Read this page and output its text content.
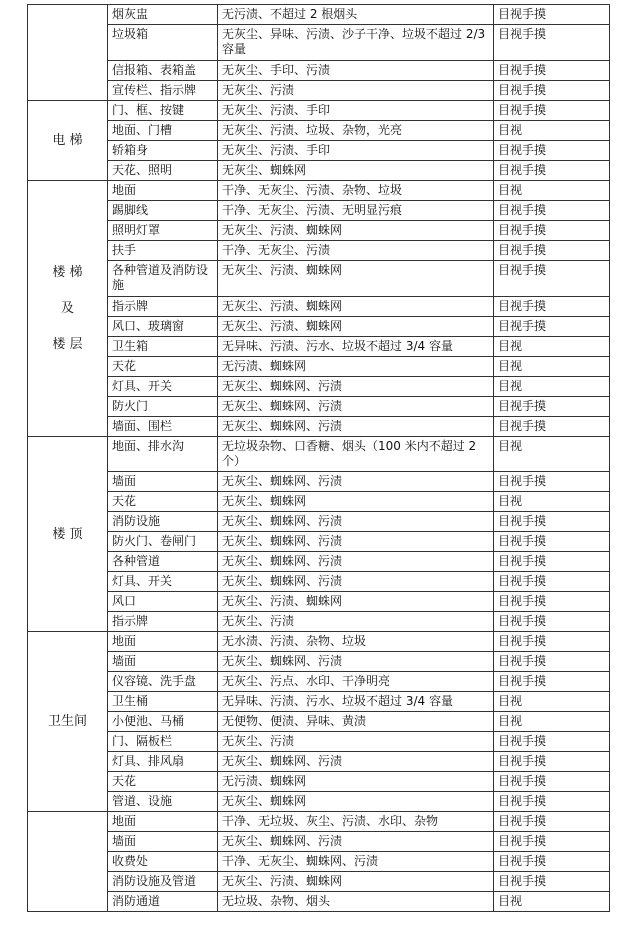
	烟灰盅	无污渍、不超过 2 根烟头	目视手摸
	垃圾箱	无灰尘、异味、污渍、沙子干净、垃圾不超过 2/3 容量	目视手摸
	信报箱、表箱盖	无灰尘、手印、污渍	目视手摸
	宣传栏、指示牌	无灰尘、污渍	目视手摸

电 梯	门、框、按键	无灰尘、污渍、手印	目视手摸
	地面、门槽	无灰尘、污渍、垃圾、杂物，光亮	目视
	轿箱身	无灰尘、污渍、手印	目视手摸
	天花、照明	无灰尘、蜘蛛网	目视手摸

楼 梯
及
楼 层	地面	干净、无灰尘、污渍、杂物、垃圾	目视
	踢脚线	干净、无灰尘、污渍、无明显污痕	目视手摸
	照明灯罩	无灰尘、污渍、蜘蛛网	目视手摸
	扶手	干净、无灰尘、污渍	目视手摸
	各种管道及消防设施	无灰尘、污渍、蜘蛛网	目视手摸
	指示牌	无灰尘、污渍、蜘蛛网	目视手摸
	风口、玻璃窗	无灰尘、污渍、蜘蛛网	目视手摸
	卫生箱	无异味、污渍、污水、垃圾不超过 3/4 容量	目视
	天花	无污渍、蜘蛛网	目视
	灯具、开关	无灰尘、蜘蛛网、污渍	目视
	防火门	无灰尘、蜘蛛网、污渍	目视手摸
	墙面、围栏	无灰尘、蜘蛛网、污渍	目视手摸

楼 顶	地面、排水沟	无垃圾杂物、口香糖、烟头（100 米内不超过 2 个）	目视
	墙面	无灰尘、蜘蛛网、污渍	目视手摸
	天花	无灰尘、蜘蛛网	目视
	消防设施	无灰尘、蜘蛛网、污渍	目视手摸
	防火门、卷闸门	无灰尘、蜘蛛网、污渍	目视手摸
	各种管道	无灰尘、蜘蛛网、污渍	目视手摸
	灯具、开关	无灰尘、蜘蛛网、污渍	目视手摸
	风口	无灰尘、污渍、蜘蛛网	目视手摸
	指示牌	无灰尘、污渍	目视手摸

卫生间	地面	无水渍、污渍、杂物、垃圾	目视手摸
	墙面	无灰尘、蜘蛛网、污渍	目视手摸
	仪容镜、洗手盘	无灰尘、污点、水印、干净明亮	目视手摸
	卫生桶	无异味、污渍、污水、垃圾不超过 3/4 容量	目视
	小便池、马桶	无便物、便渍、异味、黄渍	目视
	门、隔板栏	无灰尘、污渍	目视手摸
	灯具、排风扇	无灰尘、蜘蛛网、污渍	目视手摸
	天花	无污渍、蜘蛛网	目视手摸
	管道、设施	无灰尘、蜘蛛网	目视手摸
	地面	干净、无垃圾、灰尘、污渍、水印、杂物	目视手摸
	墙面	无灰尘、蜘蛛网、污渍	目视手摸
	收费处	干净、无灰尘、蜘蛛网、污渍	目视手摸
	消防设施及管道	无灰尘、污渍、蜘蛛网	目视手摸
	消防通道	无垃圾、杂物、烟头	目视
